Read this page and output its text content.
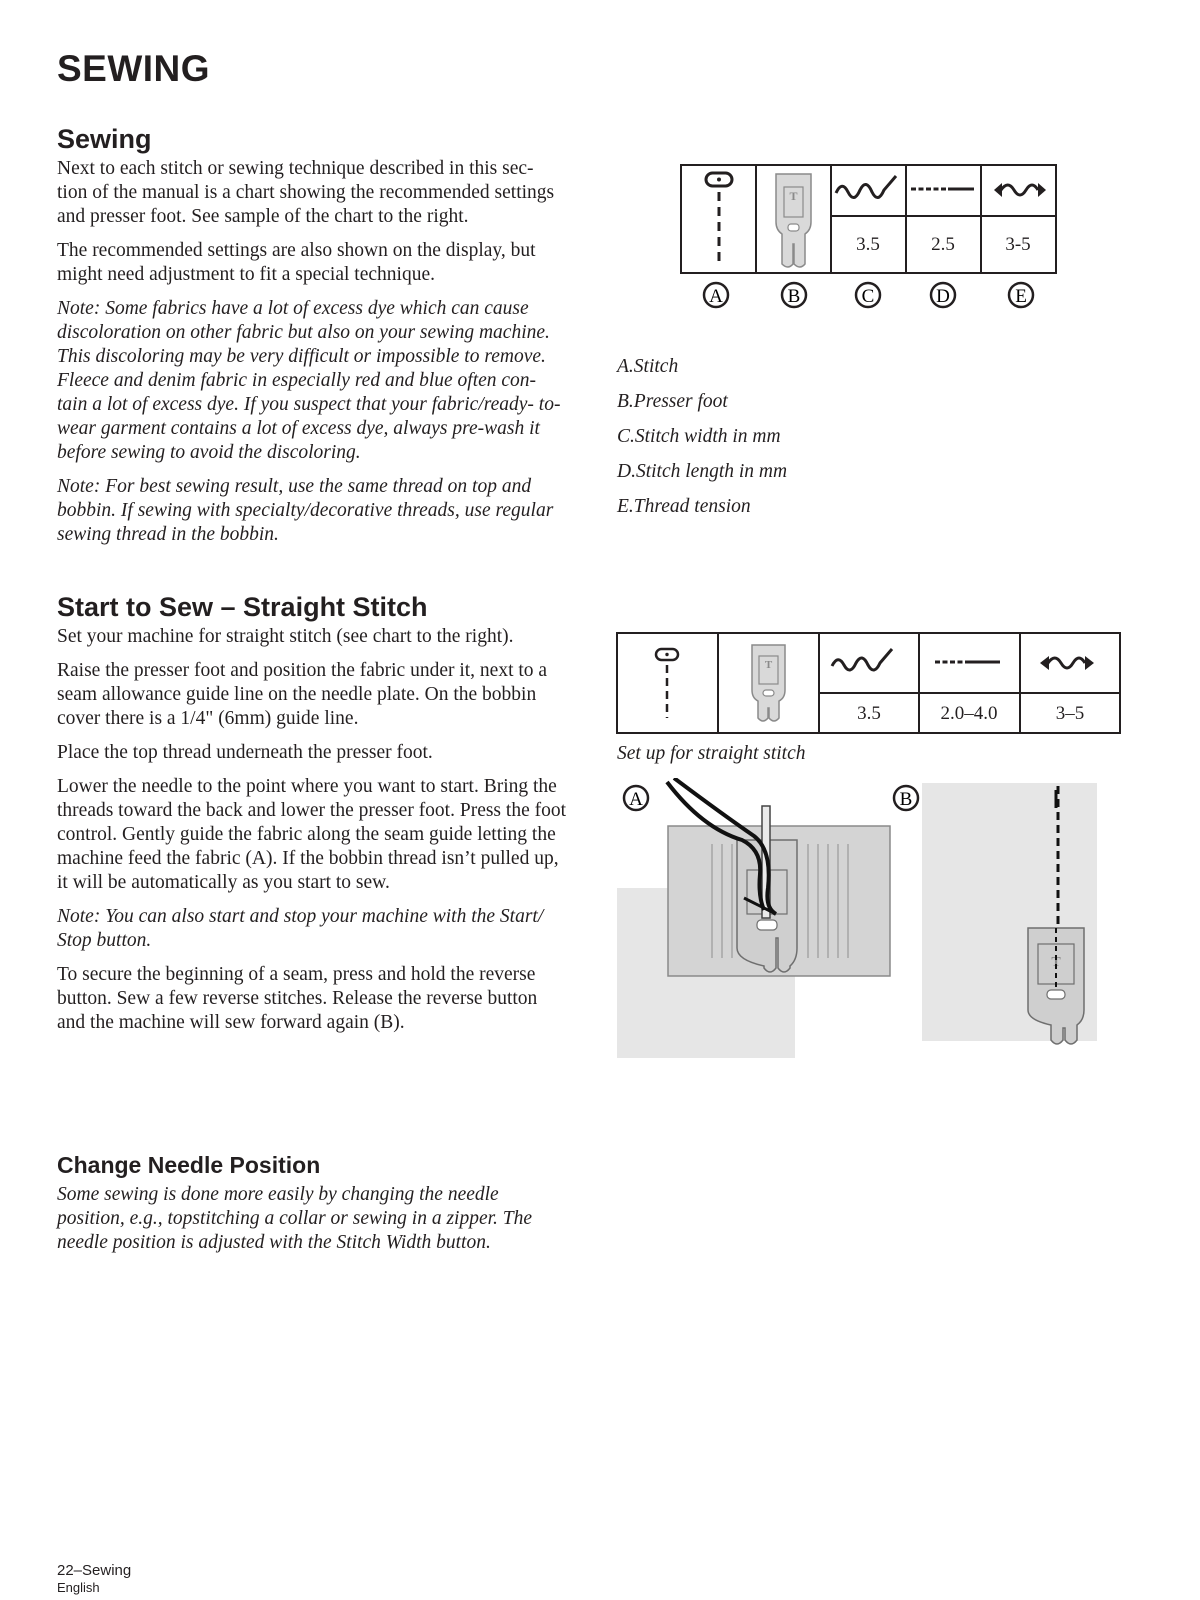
SEWING
Sewing

Next to each stitch or sewing technique described in this sec- tion of the manual is a chart showing the recommended settings and presser foot. See sample of the chart to the right.

The recommended settings are also shown on the display, but might need adjustment to fit a special technique.

Note: Some fabrics have a lot of excess dye which can cause discoloration on other fabric but also on your sewing machine. This discoloring may be very difficult or impossible to remove. Fleece and denim fabric in especially red and blue often con- tain a lot of excess dye. If you suspect that your fabric/ready- to-wear garment contains a lot of excess dye, always pre-wash it before sewing to avoid the discoloring.

Note: For best sewing result, use the same thread on top and bobbin. If sewing with specialty/decorative threads, use regular sewing thread in the bobbin.

T
3.5	2.5	3-5
A	B	C	D	E
A.Stitch
B.Presser foot
C.Stitch width in mm
D.Stitch length in mm
E.Thread tension
Start to Sew – Straight Stitch

Set your machine for straight stitch (see chart to the right).

Raise the presser foot and position the fabric under it, next to a seam allowance guide line on the needle plate. On the bobbin cover there is a 1/4" (6mm) guide line.

Place the top thread underneath the presser foot.

Lower the needle to the point where you want to start. Bring the threads toward the back and lower the presser foot. Press the foot control. Gently guide the fabric along the seam guide letting the machine feed the fabric (A). If the bobbin thread isn’t pulled up, it will be automatically as you start to sew.

Note: You can also start and stop your machine with the Start/ Stop button.

To secure the beginning of a seam, press and hold the reverse button. Sew a few reverse stitches. Release the reverse button and the machine will sew forward again (B).

T
3.5	2.0–4.0	3–5
Set up for straight stitch
A
T
B
Change Needle Position

Some sewing is done more easily by changing the needle position, e.g., topstitching a collar or sewing in a zipper. The needle position is adjusted with the Stitch Width button.

22–Sewing
English
